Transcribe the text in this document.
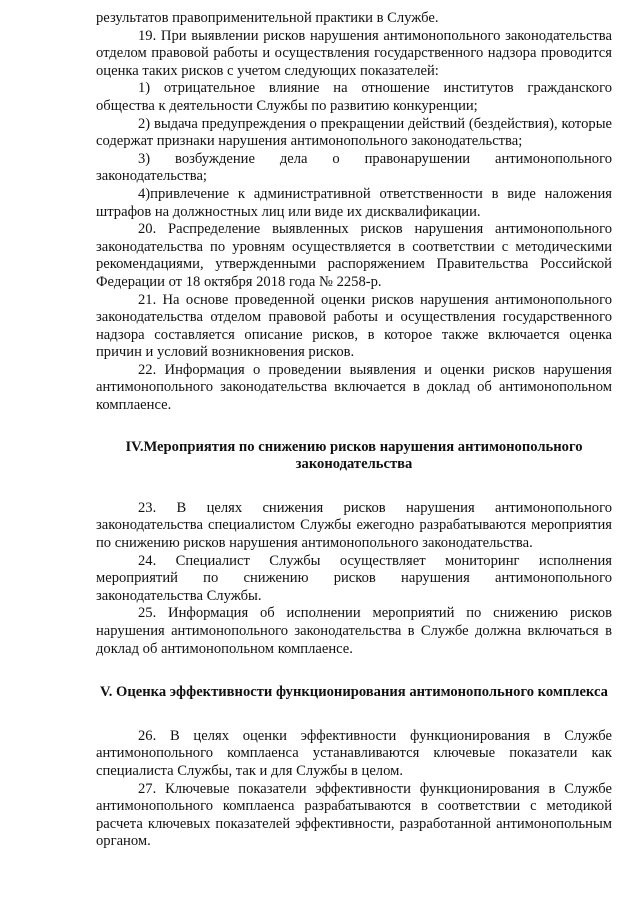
результатов правоприменительной практики в Службе.

19. При выявлении рисков нарушения антимонопольного законодательства отделом правовой работы и осуществления государственного надзора проводится оценка таких рисков с учетом следующих показателей:

1) отрицательное влияние на отношение институтов гражданского общества к деятельности Службы по развитию конкуренции;

2) выдача предупреждения о прекращении действий (бездействия), которые содержат признаки нарушения антимонопольного законодательства;

3) возбуждение дела о правонарушении антимонопольного законодательства;

4)привлечение к административной ответственности в виде наложения штрафов на должностных лиц или виде их дисквалификации.

20. Распределение выявленных рисков нарушения антимонопольного законодательства по уровням осуществляется в соответствии с методическими рекомендациями, утвержденными распоряжением Правительства Российской Федерации от 18 октября 2018 года № 2258-р.

21. На основе проведенной оценки рисков нарушения антимонопольного законодательства отделом правовой работы и осуществления государственного надзора составляется описание рисков, в которое также включается оценка причин и условий возникновения рисков.

22. Информация о проведении выявления и оценки рисков нарушения антимонопольного законодательства включается в доклад об антимонопольном комплаенсе.

IV.Мероприятия по снижению рисков нарушения антимонопольного законодательства

23. В целях снижения рисков нарушения антимонопольного законодательства специалистом Службы ежегодно разрабатываются мероприятия по снижению рисков нарушения антимонопольного законодательства.

24. Специалист Службы осуществляет мониторинг исполнения мероприятий по снижению рисков нарушения антимонопольного законодательства Службы.

25. Информация об исполнении мероприятий по снижению рисков нарушения антимонопольного законодательства в Службе должна включаться в доклад об антимонопольном комплаенсе.

V. Оценка эффективности функционирования антимонопольного комплекса

26. В целях оценки эффективности функционирования в Службе антимонопольного комплаенса устанавливаются ключевые показатели как специалиста Службы, так и для Службы в целом.

27. Ключевые показатели эффективности функционирования в Службе антимонопольного комплаенса разрабатываются в соответствии с методикой расчета ключевых показателей эффективности, разработанной антимонопольным органом.
